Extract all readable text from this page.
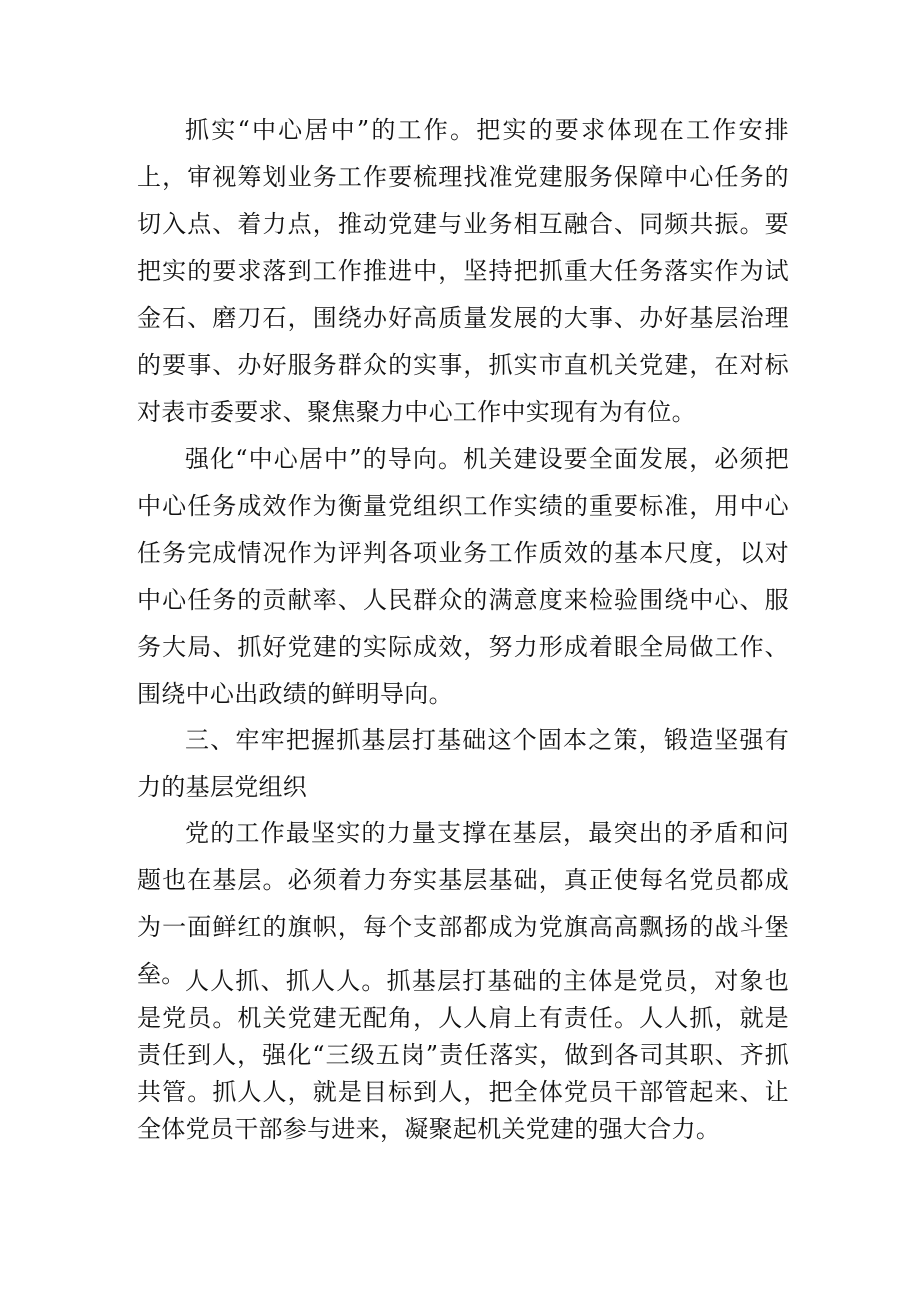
抓实“中心居中”的工作。把实的要求体现在工作安排上，审视筹划业务工作要梳理找准党建服务保障中心任务的切入点、着力点，推动党建与业务相互融合、同频共振。要把实的要求落到工作推进中，坚持把抓重大任务落实作为试金石、磨刀石，围绕办好高质量发展的大事、办好基层治理的要事、办好服务群众的实事，抓实市直机关党建，在对标对表市委要求、聚焦聚力中心工作中实现有为有位。

强化“中心居中”的导向。机关建设要全面发展，必须把中心任务成效作为衡量党组织工作实绩的重要标准，用中心任务完成情况作为评判各项业务工作质效的基本尺度，以对中心任务的贡献率、人民群众的满意度来检验围绕中心、服务大局、抓好党建的实际成效，努力形成着眼全局做工作、围绕中心出政绩的鲜明导向。

三、牢牢把握抓基层打基础这个固本之策，锻造坚强有力的基层党组织

党的工作最坚实的力量支撑在基层，最突出的矛盾和问题也在基层。必须着力夯实基层基础，真正使每名党员都成为一面鲜红的旗帜，每个支部都成为党旗高高飘扬的战斗堡垒。 人人抓、抓人人。抓基层打基础的主体是党员，对象也是党员。机关党建无配角，人人肩上有责任。人人抓，就是责任到人，强化“三级五岗”责任落实，做到各司其职、齐抓共管。抓人人，就是目标到人，把全体党员干部管起来、让全体党员干部参与进来，凝聚起机关党建的强大合力。
